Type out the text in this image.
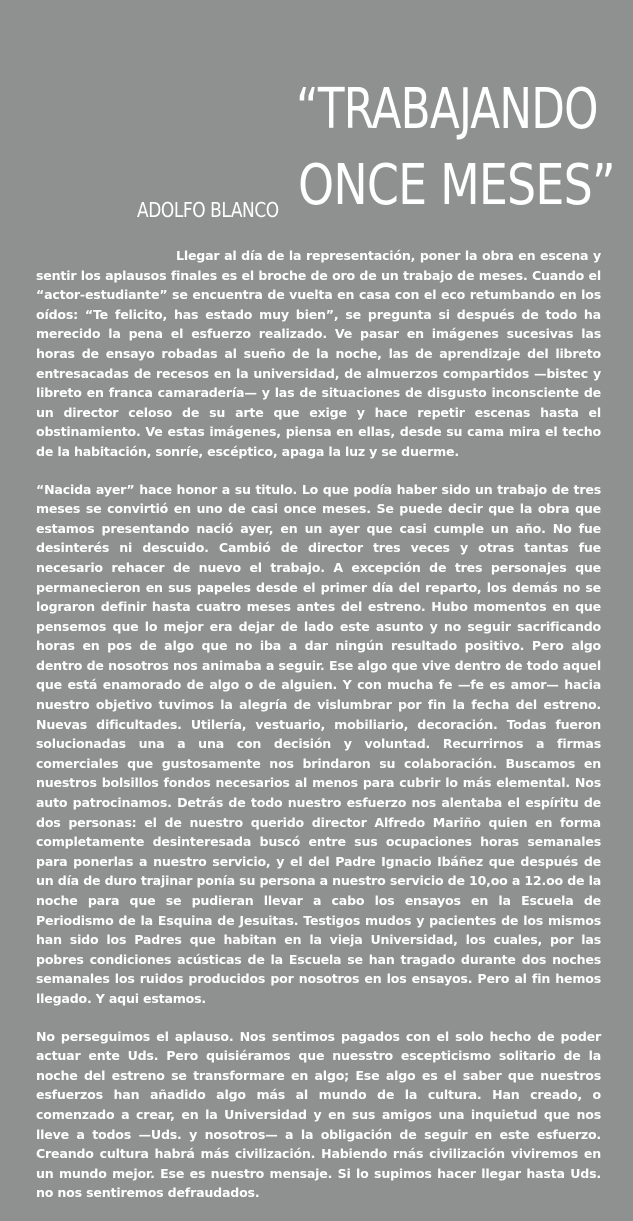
“TRABAJANDO
ADOLFO BLANCO ONCE MESES”

Llegar al día de la representación, poner la obra en escena y sentir los aplausos finales es el broche de oro de un trabajo de meses. Cuando el “actor-estudiante” se encuentra de vuelta en casa con el eco retumbando en los oídos: “Te felicito, has estado muy bien”, se pregunta si después de todo ha merecido la pena el esfuerzo realizado. Ve pasar en imágenes sucesivas las horas de ensayo robadas al sueño de la noche, las de aprendizaje del libreto entresacadas de recesos en la universidad, de almuerzos compartidos —bistec y libreto en franca camaradería— y las de situaciones de disgusto inconsciente de un director celoso de su arte que exige y hace repetir escenas hasta el obstinamiento. Ve estas imágenes, piensa en ellas, desde su cama mira el techo de la habitación, sonríe, escéptico, apaga la luz y se duerme.

“Nacida ayer” hace honor a su titulo. Lo que podía haber sido un trabajo de tres meses se convirtió en uno de casi once meses. Se puede decir que la obra que estamos presentando nació ayer, en un ayer que casi cumple un año. No fue desinterés ni descuido. Cambió de director tres veces y otras tantas fue necesario rehacer de nuevo el trabajo. A excepción de tres personajes que permanecieron en sus papeles desde el primer día del reparto, los demás no se lograron definir hasta cuatro meses antes del estreno. Hubo momentos en que pensemos que lo mejor era dejar de lado este asunto y no seguir sacrificando horas en pos de algo que no iba a dar ningún resultado positivo. Pero algo dentro de nosotros nos animaba a seguir. Ese algo que vive dentro de todo aquel que está enamorado de algo o de alguien. Y con mucha fe —fe es amor— hacia nuestro objetivo tuvimos la alegría de vislumbrar por fin la fecha del estreno. Nuevas dificultades. Utilería, vestuario, mobiliario, decoración. Todas fueron solucionadas una a una con decisión y voluntad. Recurrirnos a firmas comerciales que gustosamente nos brindaron su colaboración. Buscamos en nuestros bolsillos fondos necesarios al menos para cubrir lo más elemental. Nos auto patrocinamos. Detrás de todo nuestro esfuerzo nos alentaba el espíritu de dos personas: el de nuestro querido director Alfredo Mariño quien en forma completamente desinteresada buscó entre sus ocupaciones horas semanales para ponerlas a nuestro servicio, y el del Padre Ignacio Ibáñez que después de un día de duro trajinar ponía su persona a nuestro servicio de 10,oo a 12.oo de la noche para que se pudieran llevar a cabo los ensayos en la Escuela de Periodismo de la Esquina de Jesuitas. Testigos mudos y pacientes de los mismos han sido los Padres que habitan en la vieja Universidad, los cuales, por las pobres condiciones acústicas de la Escuela se han tragado durante dos noches semanales los ruidos producidos por nosotros en los ensayos. Pero al fin hemos llegado. Y aqui estamos.

No perseguimos el aplauso. Nos sentimos pagados con el solo hecho de poder actuar ente Uds. Pero quisiéramos que nuesstro escepticismo solitario de la noche del estreno se transformare en algo; Ese algo es el saber que nuestros esfuerzos han añadido algo más al mundo de la cultura. Han creado, o comenzado a crear, en la Universidad y en sus amigos una inquietud que nos lleve a todos —Uds. y nosotros— a la obligación de seguir en este esfuerzo. Creando cultura habrá más civilización. Habiendo rnás civilización viviremos en un mundo mejor. Ese es nuestro mensaje. Si lo supimos hacer llegar hasta Uds. no nos sentiremos defraudados.
